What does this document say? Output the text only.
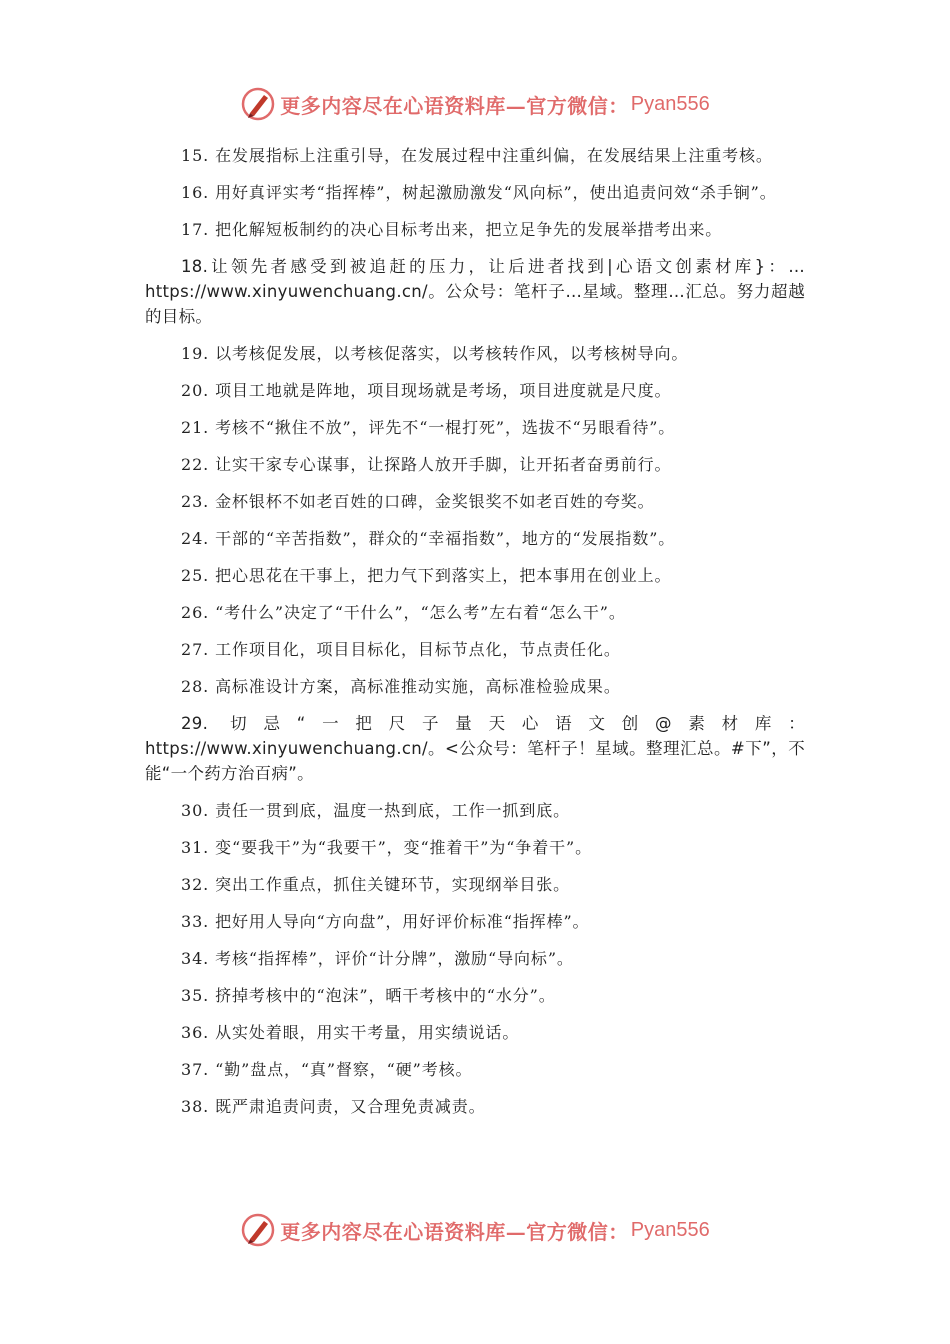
更多内容尽在心语资料库—官方微信： Pyan556

15. 在发展指标上注重引导，在发展过程中注重纠偏，在发展结果上注重考核。

16. 用好真评实考“指挥棒”，树起激励激发“风向标”，使出追责问效“杀手锏”。

17. 把化解短板制约的决心目标考出来，把立足争先的发展举措考出来。

18.让领先者感受到被追赶的压力，让后进者找到|心语文创素材库}：…https://www.xinyuwenchuang.cn/。公众号：笔杆子…星域。整理…汇总。努力超越的目标。

19. 以考核促发展，以考核促落实，以考核转作风，以考核树导向。

20. 项目工地就是阵地，项目现场就是考场，项目进度就是尺度。

21. 考核不“揪住不放”，评先不“一棍打死”，选拔不“另眼看待”。

22. 让实干家专心谋事，让探路人放开手脚，让开拓者奋勇前行。

23. 金杯银杯不如老百姓的口碑，金奖银奖不如老百姓的夸奖。

24. 干部的“辛苦指数”，群众的“幸福指数”，地方的“发展指数”。

25. 把心思花在干事上，把力气下到落实上，把本事用在创业上。

26. “考什么”决定了“干什么”，“怎么考”左右着“怎么干”。

27. 工作项目化，项目目标化，目标节点化，节点责任化。

28. 高标准设计方案，高标准推动实施，高标准检验成果。

29. 切忌“一把尺子量天心语文创@素材库：https://www.xinyuwenchuang.cn/。<公众号：笔杆子！星域。整理汇总。#下”，不能“一个药方治百病”。

30. 责任一贯到底，温度一热到底，工作一抓到底。

31. 变“要我干”为“我要干”，变“推着干”为“争着干”。

32. 突出工作重点，抓住关键环节，实现纲举目张。

33. 把好用人导向“方向盘”，用好评价标准“指挥棒”。

34. 考核“指挥棒”，评价“计分牌”，激励“导向标”。

35. 挤掉考核中的“泡沫”，晒干考核中的“水分”。

36. 从实处着眼，用实干考量，用实绩说话。

37. “勤”盘点，“真”督察，“硬”考核。

38. 既严肃追责问责，又合理免责减责。

更多内容尽在心语资料库—官方微信： Pyan556
